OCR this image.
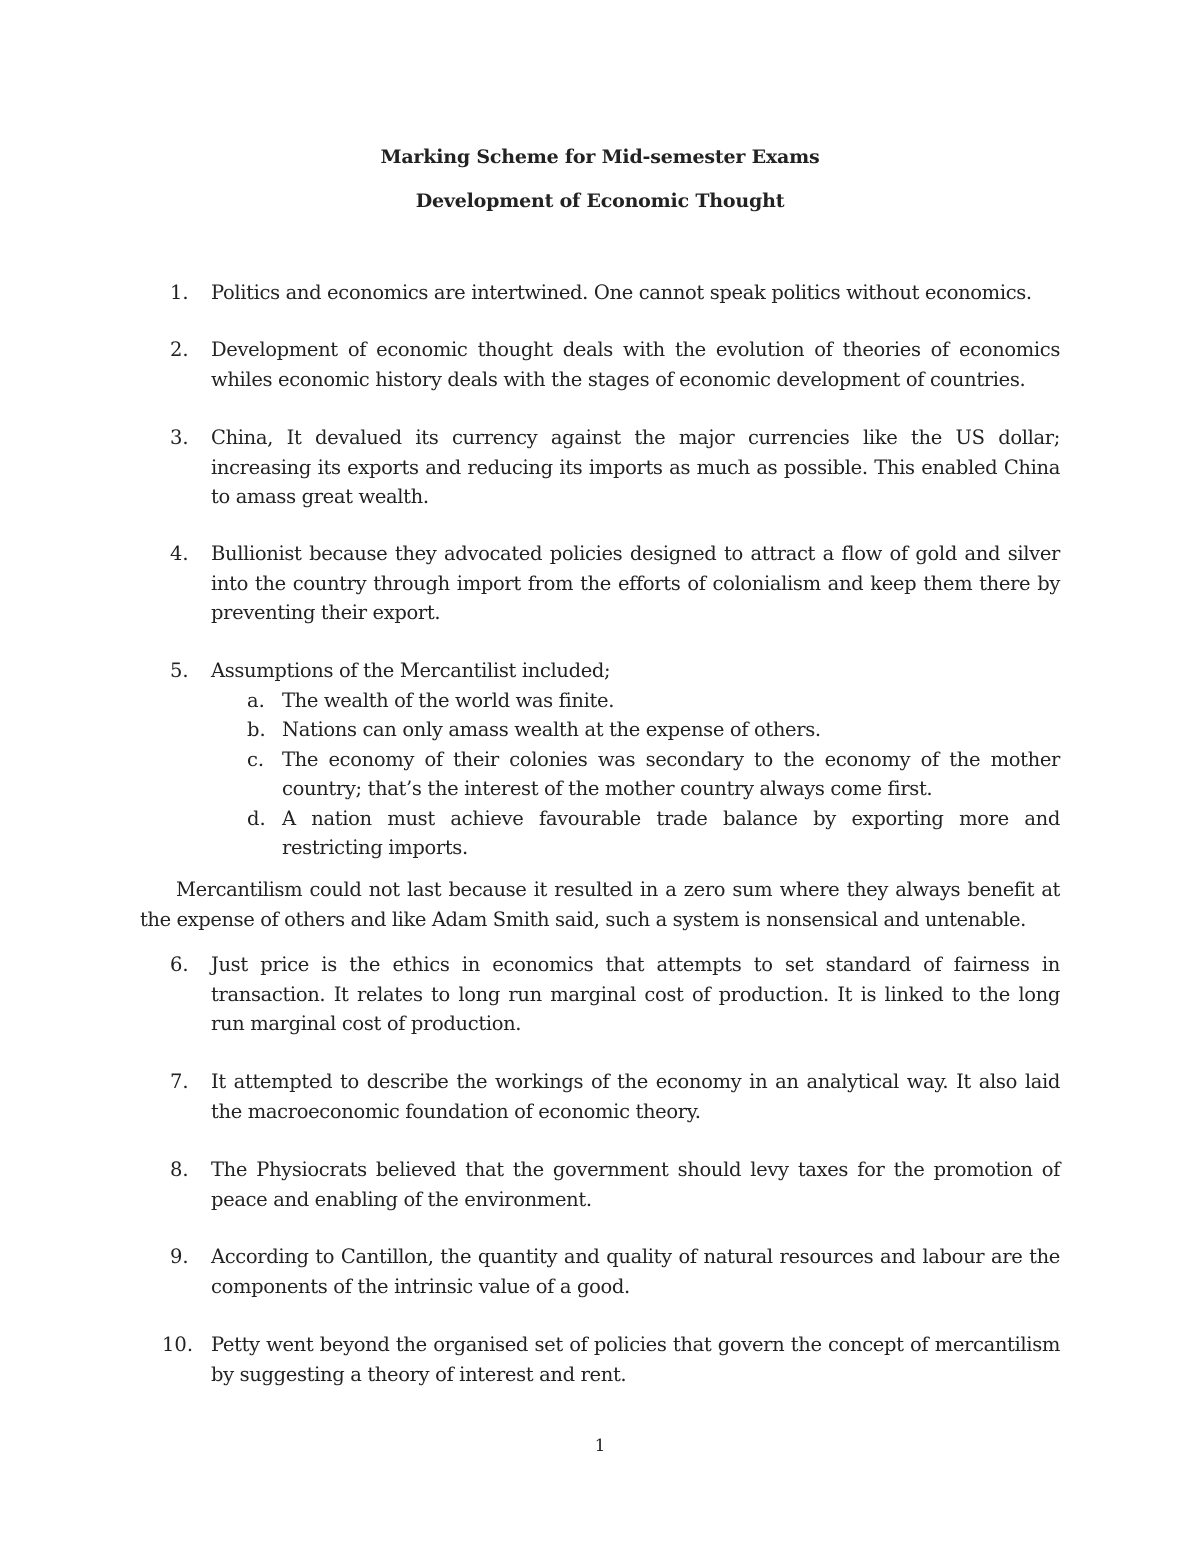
Marking Scheme for Mid-semester Exams
Development of Economic Thought
1.	Politics and economics are intertwined. One cannot speak politics without economics.
2.	Development of economic thought deals with the evolution of theories of economics whiles economic history deals with the stages of economic development of countries.
3.	China, It devalued its currency against the major currencies like the US dollar; increasing its exports and reducing its imports as much as possible. This enabled China to amass great wealth.
4.	Bullionist because they advocated policies designed to attract a flow of gold and silver into the country through import from the efforts of colonialism and keep them there by preventing their export.
5.	Assumptions of the Mercantilist included;
a. The wealth of the world was finite.
b. Nations can only amass wealth at the expense of others.
c. The economy of their colonies was secondary to the economy of the mother country; that’s the interest of the mother country always come first.
d. A nation must achieve favourable trade balance by exporting more and restricting imports.
Mercantilism could not last because it resulted in a zero sum where they always benefit at the expense of others and like Adam Smith said, such a system is nonsensical and untenable.
6.	Just price is the ethics in economics that attempts to set standard of fairness in transaction. It relates to long run marginal cost of production. It is linked to the long run marginal cost of production.
7.	It attempted to describe the workings of the economy in an analytical way. It also laid the macroeconomic foundation of economic theory.
8.	The Physiocrats believed that the government should levy taxes for the promotion of peace and enabling of the environment.
9.	According to Cantillon, the quantity and quality of natural resources and labour are the components of the intrinsic value of a good.
10. Petty went beyond the organised set of policies that govern the concept of mercantilism by suggesting a theory of interest and rent.
1
